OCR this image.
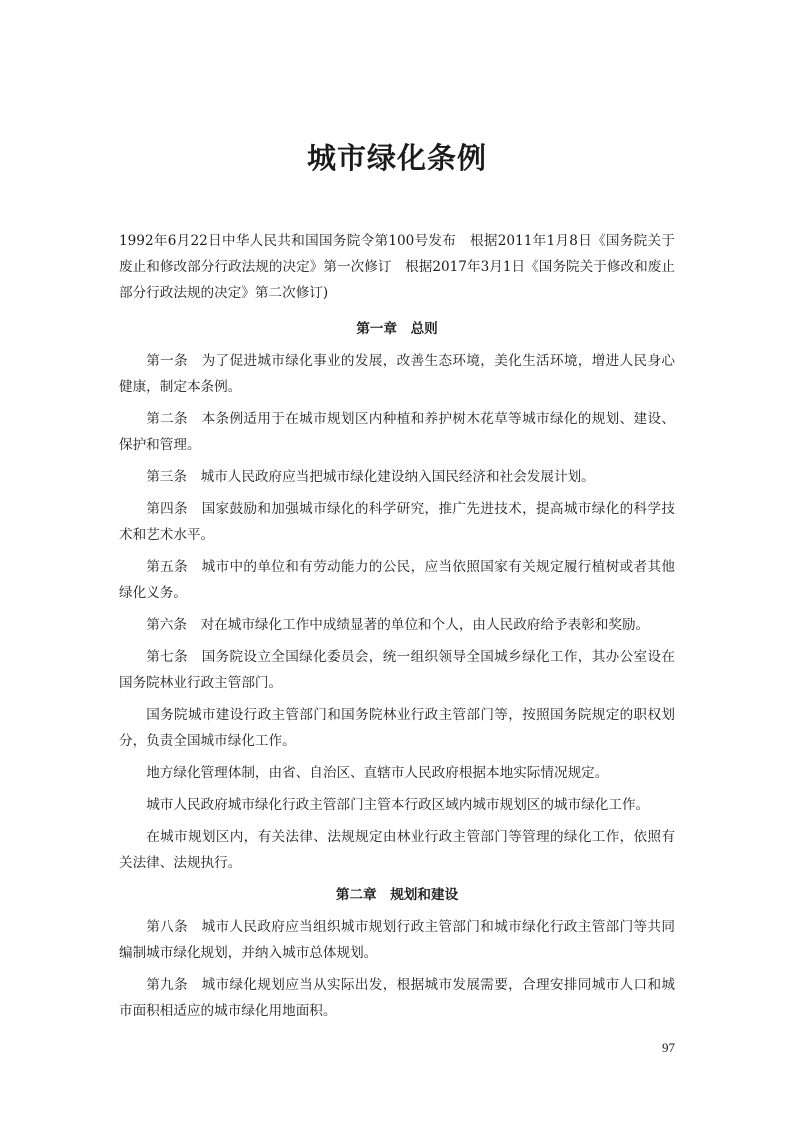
城市绿化条例

1992年6月22日中华人民共和国国务院令第100号发布　根据2011年1月8日《国务院关于废止和修改部分行政法规的决定》第一次修订　根据2017年3月1日《国务院关于修改和废止部分行政法规的决定》第二次修订)

第一章　总则

第一条 为了促进城市绿化事业的发展，改善生态环境，美化生活环境，增进人民身心健康，制定本条例。

第二条 本条例适用于在城市规划区内种植和养护树木花草等城市绿化的规划、建设、保护和管理。

第三条 城市人民政府应当把城市绿化建设纳入国民经济和社会发展计划。

第四条 国家鼓励和加强城市绿化的科学研究，推广先进技术，提高城市绿化的科学技术和艺术水平。

第五条 城市中的单位和有劳动能力的公民，应当依照国家有关规定履行植树或者其他绿化义务。

第六条 对在城市绿化工作中成绩显著的单位和个人，由人民政府给予表彰和奖励。

第七条 国务院设立全国绿化委员会，统一组织领导全国城乡绿化工作，其办公室设在国务院林业行政主管部门。

国务院城市建设行政主管部门和国务院林业行政主管部门等，按照国务院规定的职权划分，负责全国城市绿化工作。

地方绿化管理体制，由省、自治区、直辖市人民政府根据本地实际情况规定。

城市人民政府城市绿化行政主管部门主管本行政区域内城市规划区的城市绿化工作。

在城市规划区内，有关法律、法规规定由林业行政主管部门等管理的绿化工作，依照有关法律、法规执行。

第二章　规划和建设

第八条 城市人民政府应当组织城市规划行政主管部门和城市绿化行政主管部门等共同编制城市绿化规划，并纳入城市总体规划。

第九条 城市绿化规划应当从实际出发，根据城市发展需要，合理安排同城市人口和城市面积相适应的城市绿化用地面积。

97
